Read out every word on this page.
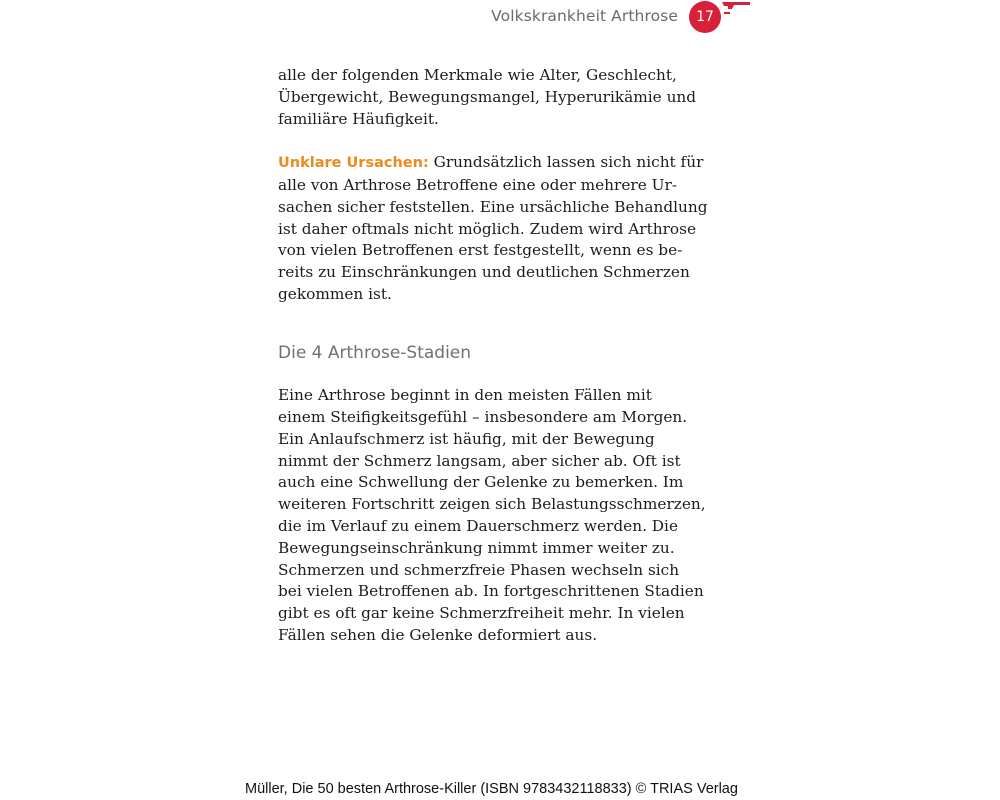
Volkskrankheit Arthrose	17

alle der folgenden Merkmale wie Alter, Geschlecht,
Übergewicht, Bewegungsmangel, Hyperurikämie und
familiäre Häufigkeit.

Unklare Ursachen: Grundsätzlich lassen sich nicht für
alle von Arthrose Betroffene eine oder mehrere Ur-
sachen sicher feststellen. Eine ursächliche Behandlung
ist daher oftmals nicht möglich. Zudem wird Arthrose
von vielen Betroffenen erst festgestellt, wenn es be-
reits zu Einschränkungen und deutlichen Schmerzen
gekommen ist.

Die 4 Arthrose-Stadien

Eine Arthrose beginnt in den meisten Fällen mit
einem Steifigkeitsgefühl – insbesondere am Morgen.
Ein Anlaufschmerz ist häufig, mit der Bewegung
nimmt der Schmerz langsam, aber sicher ab. Oft ist
auch eine Schwellung der Gelenke zu bemerken. Im
weiteren Fortschritt zeigen sich Belastungsschmerzen,
die im Verlauf zu einem Dauerschmerz werden. Die
Bewegungseinschränkung nimmt immer weiter zu.
Schmerzen und schmerzfreie Phasen wechseln sich
bei vielen Betroffenen ab. In fortgeschrittenen Stadien
gibt es oft gar keine Schmerzfreiheit mehr. In vielen
Fällen sehen die Gelenke deformiert aus.

Müller, Die 50 besten Arthrose-Killer (ISBN 9783432118833) © TRIAS Verlag
